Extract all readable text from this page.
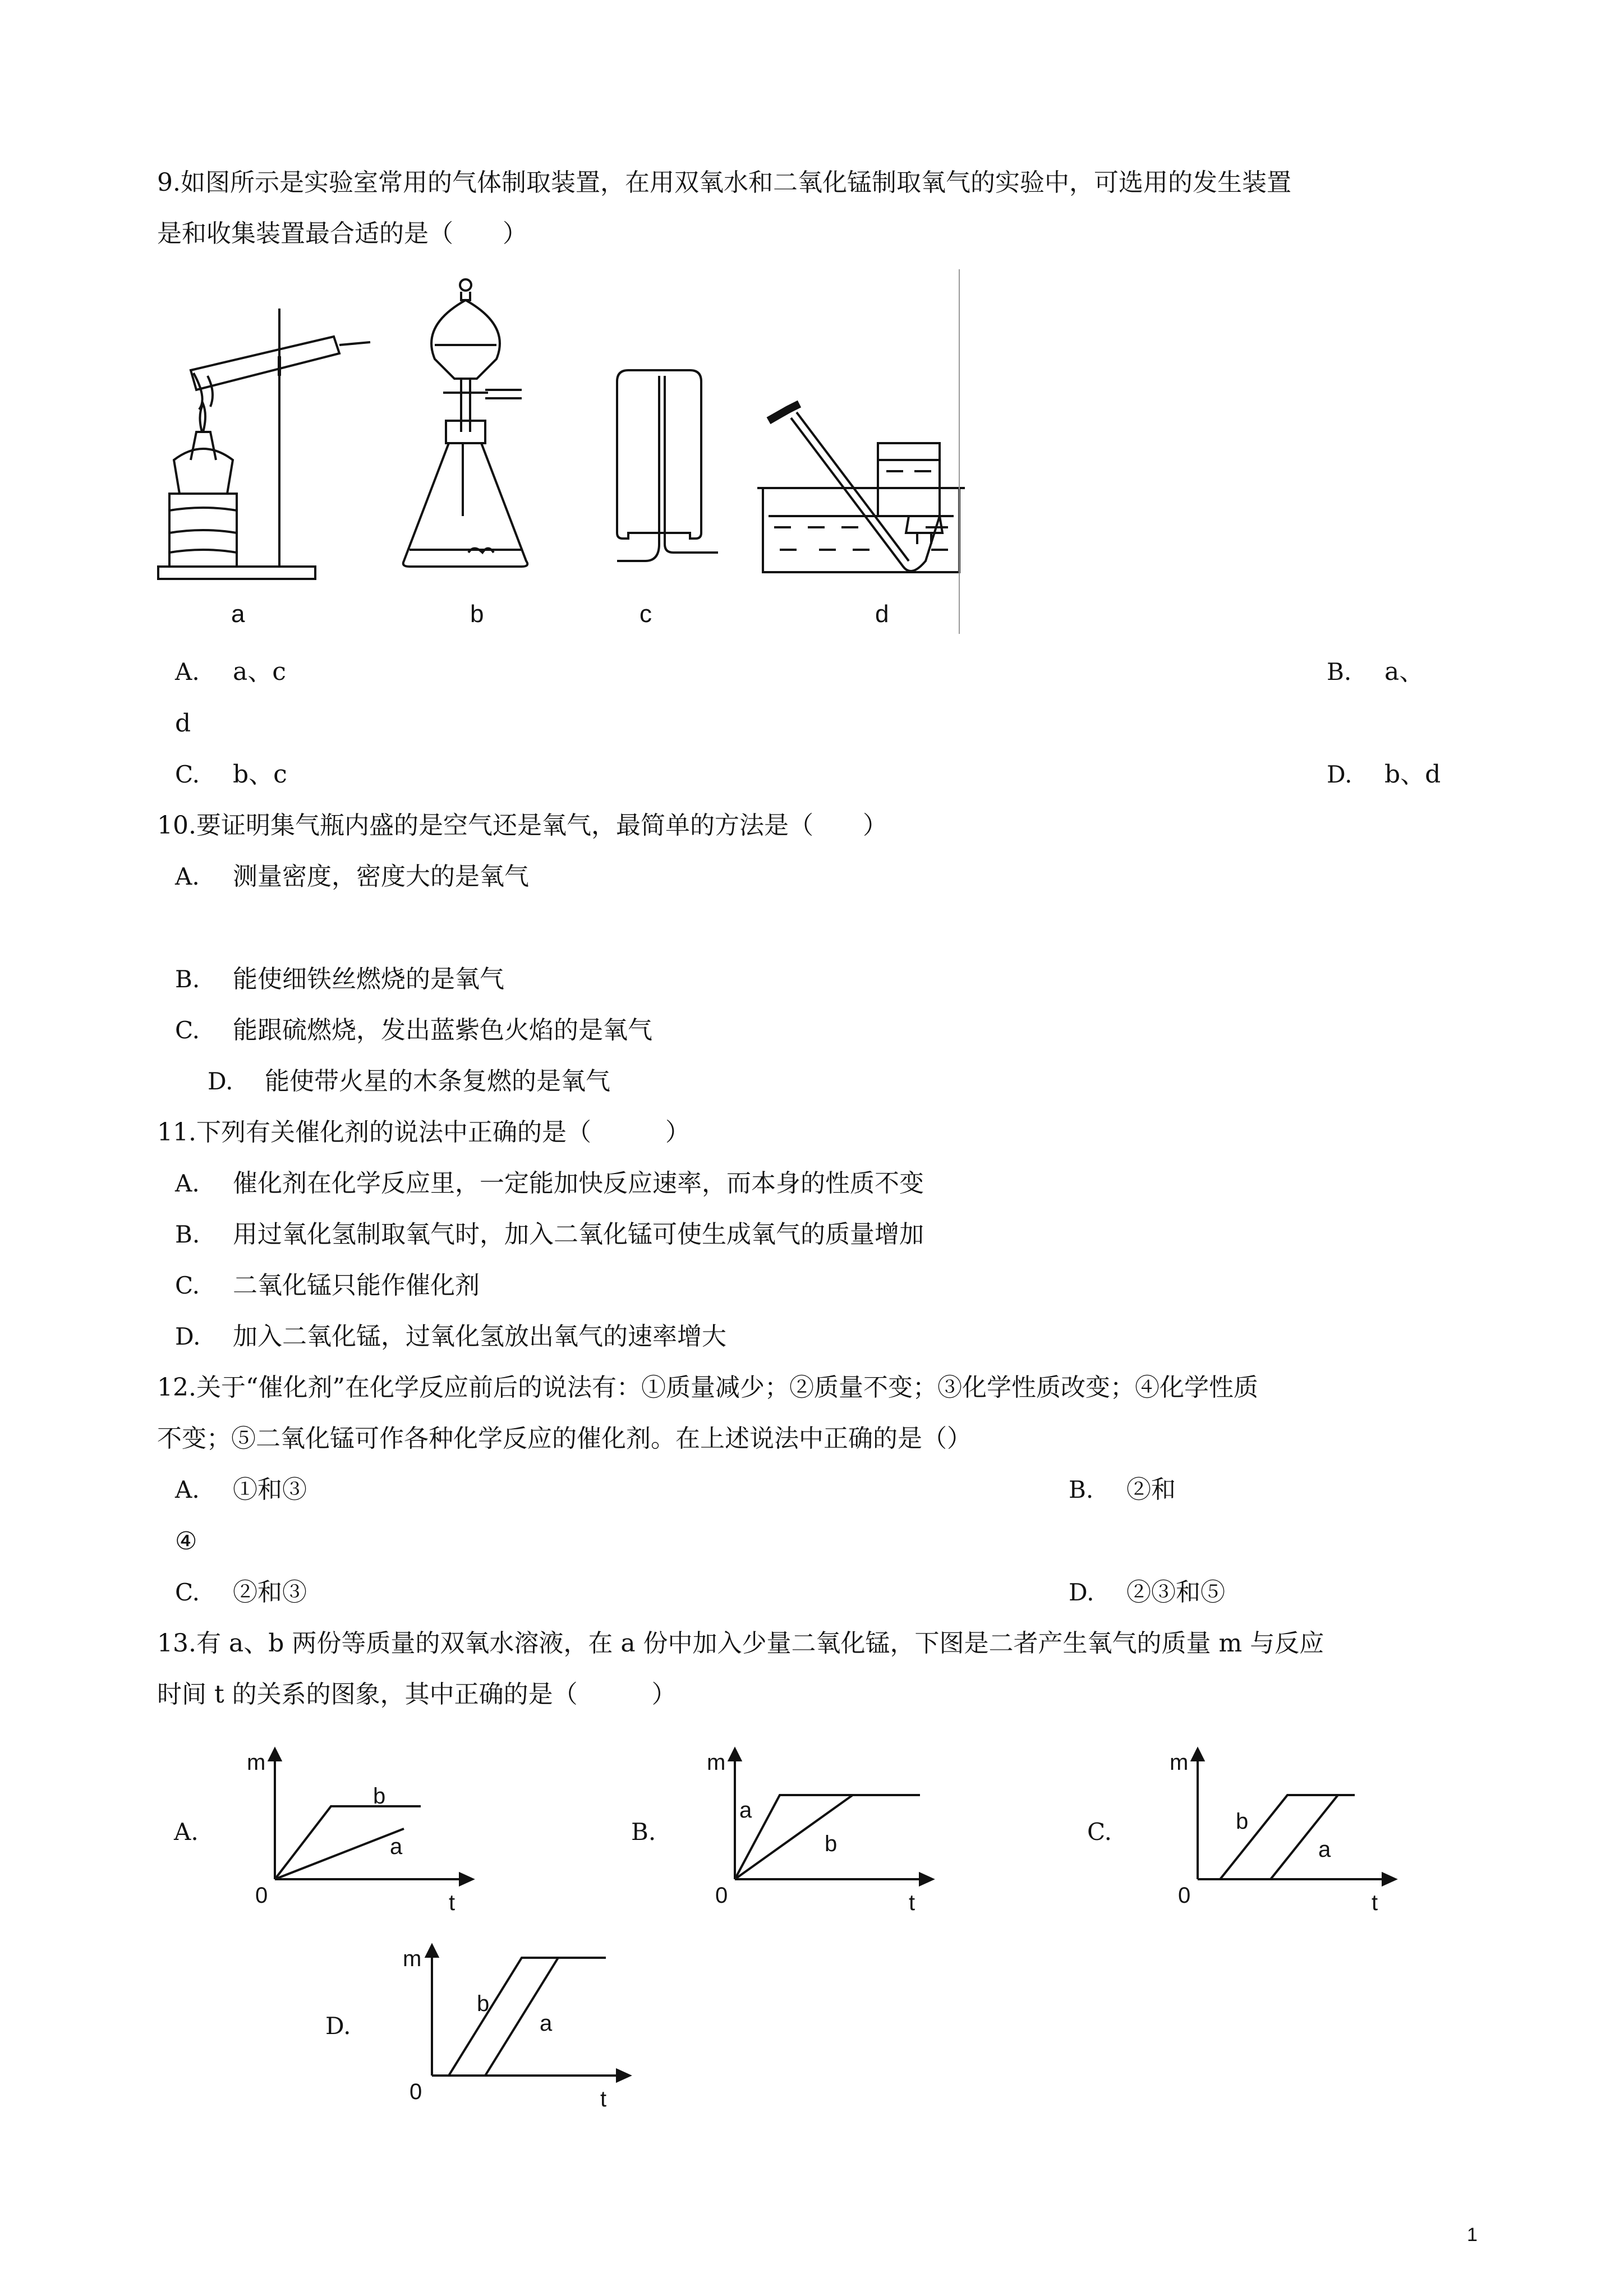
9.如图所示是实验室常用的气体制取装置，在用双氧水和二氧化锰制取氧气的实验中，可选用的发生装置
是和收集装置最合适的是（　　）
a	b	c	d
A. a、c	B. a、
d
C. b、c	D. b、d
10.要证明集气瓶内盛的是空气还是氧气，最简单的方法是（　　）
A. 测量密度，密度大的是氧气
B. 能使细铁丝燃烧的是氧气
C. 能跟硫燃烧，发出蓝紫色火焰的是氧气
D. 能使带火星的木条复燃的是氧气
11.下列有关催化剂的说法中正确的是（　　　）
A. 催化剂在化学反应里，一定能加快反应速率，而本身的性质不变
B. 用过氧化氢制取氧气时，加入二氧化锰可使生成氧气的质量增加
C. 二氧化锰只能作催化剂
D. 加入二氧化锰，过氧化氢放出氧气的速率增大
12.关于“催化剂”在化学反应前后的说法有：①质量减少；②质量不变；③化学性质改变；④化学性质
不变；⑤二氧化锰可作各种化学反应的催化剂。在上述说法中正确的是（）
A. ①和③	B. ②和
④
C. ②和③	D. ②③和⑤
13.有 a、b 两份等质量的双氧水溶液，在 a 份中加入少量二氧化锰，下图是二者产生氧气的质量 m 与反应
时间 t 的关系的图象，其中正确的是（　　　）
A.
m
t
0
b
a
B.
m
t
0
a
b	C.
m
t
0
b
a
D.
m
t
0
b
a
1
